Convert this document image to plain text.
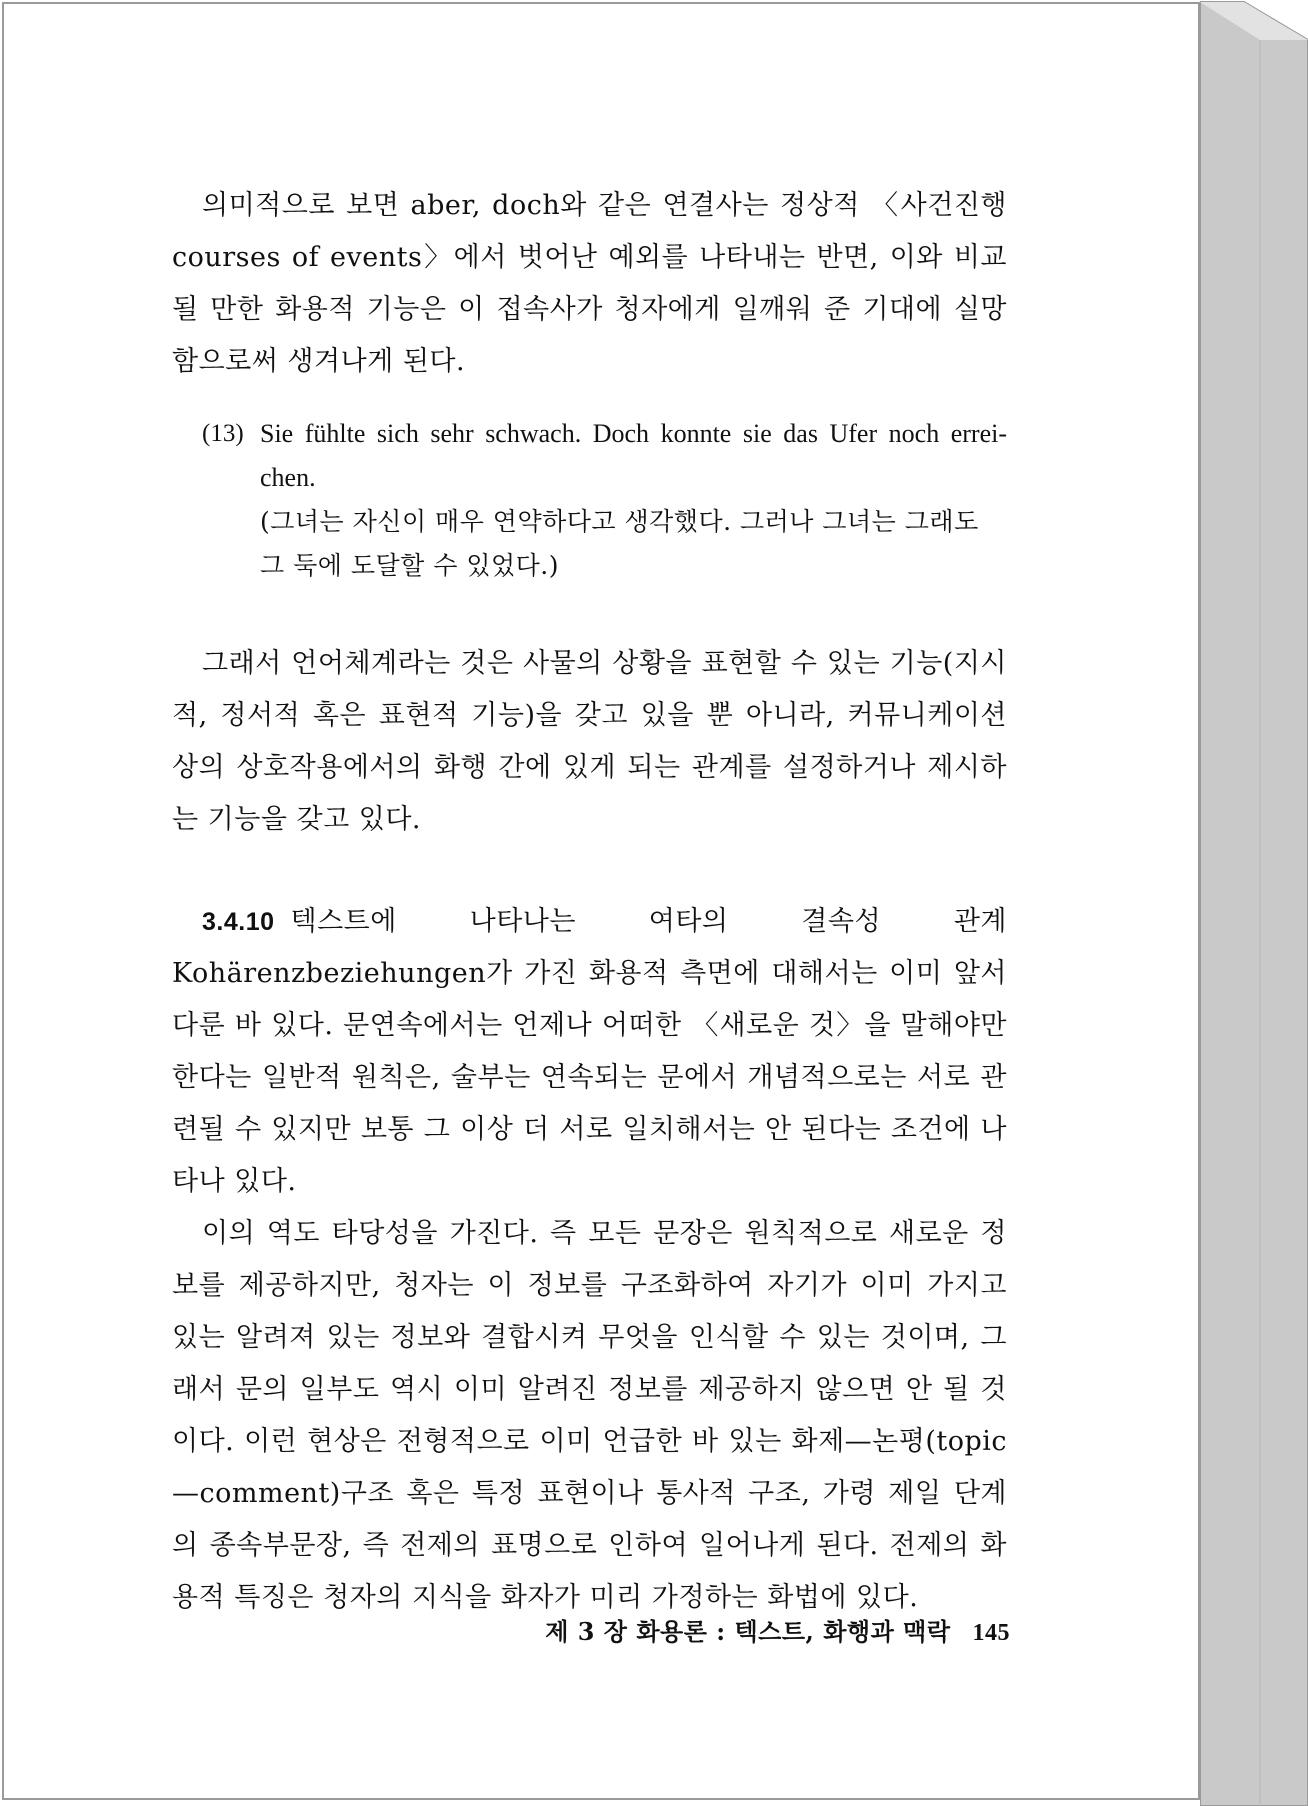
의미적으로 보면 aber, doch와 같은 연결사는 정상적 〈사건진행 courses of events〉에서 벗어난 예외를 나타내는 반면, 이와 비교될 만한 화용적 기능은 이 접속사가 청자에게 일깨워 준 기대에 실망함으로써 생겨나게 된다.

(13) Sie fühlte sich sehr schwach. Doch konnte sie das Ufer noch errei-chen.
(그녀는 자신이 매우 연약하다고 생각했다. 그러나 그녀는 그래도 그 둑에 도달할 수 있었다.)

그래서 언어체계라는 것은 사물의 상황을 표현할 수 있는 기능(지시적, 정서적 혹은 표현적 기능)을 갖고 있을 뿐 아니라, 커뮤니케이션 상의 상호작용에서의 화행 간에 있게 되는 관계를 설정하거나 제시하는 기능을 갖고 있다.

3.4.10 텍스트에 나타나는 여타의 결속성 관계 Kohärenzbeziehungen가 가진 화용적 측면에 대해서는 이미 앞서 다룬 바 있다. 문연속에서는 언제나 어떠한 〈새로운 것〉을 말해야만 한다는 일반적 원칙은, 술부는 연속되는 문에서 개념적으로는 서로 관련될 수 있지만 보통 그 이상 더 서로 일치해서는 안 된다는 조건에 나타나 있다.

이의 역도 타당성을 가진다. 즉 모든 문장은 원칙적으로 새로운 정보를 제공하지만, 청자는 이 정보를 구조화하여 자기가 이미 가지고 있는 알려져 있는 정보와 결합시켜 무엇을 인식할 수 있는 것이며, 그래서 문의 일부도 역시 이미 알려진 정보를 제공하지 않으면 안 될 것이다. 이런 현상은 전형적으로 이미 언급한 바 있는 화제—논평(topic—comment)구조 혹은 특정 표현이나 통사적 구조, 가령 제일 단계의 종속부문장, 즉 전제의 표명으로 인하여 일어나게 된다. 전제의 화용적 특징은 청자의 지식을 화자가 미리 가정하는 화법에 있다.

제 3 장 화용론 : 텍스트, 화행과 맥락 145
